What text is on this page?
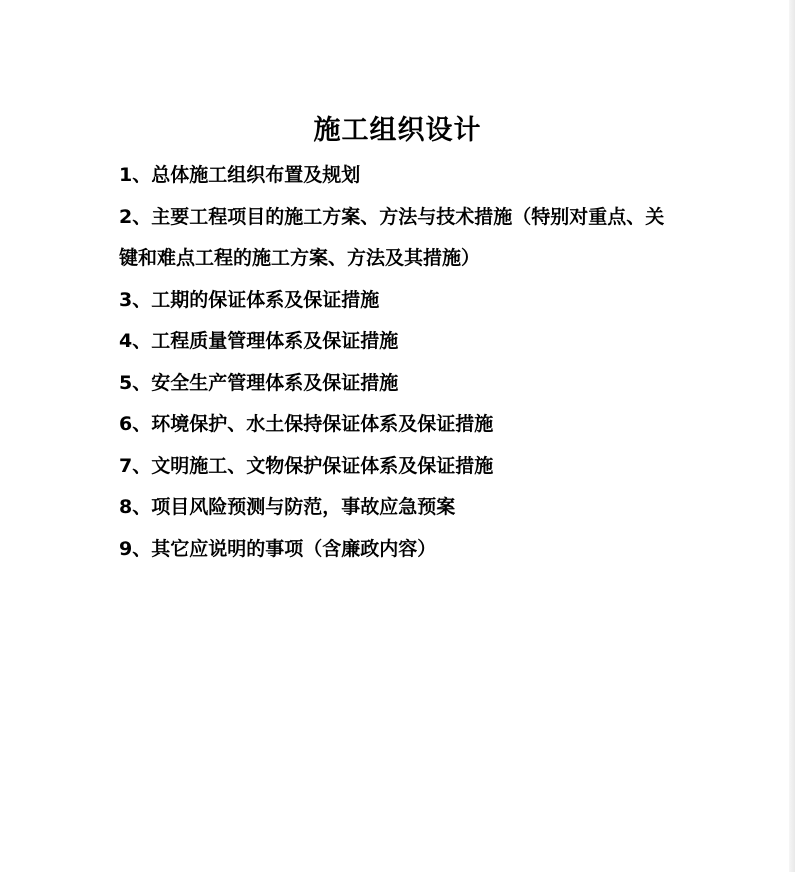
施工组织设计
1、总体施工组织布置及规划
2、主要工程项目的施工方案、方法与技术措施（特别对重点、关键和难点工程的施工方案、方法及其措施）
3、工期的保证体系及保证措施
4、工程质量管理体系及保证措施
5、安全生产管理体系及保证措施
6、环境保护、水土保持保证体系及保证措施
7、文明施工、文物保护保证体系及保证措施
8、项目风险预测与防范，事故应急预案
9、其它应说明的事项（含廉政内容）
